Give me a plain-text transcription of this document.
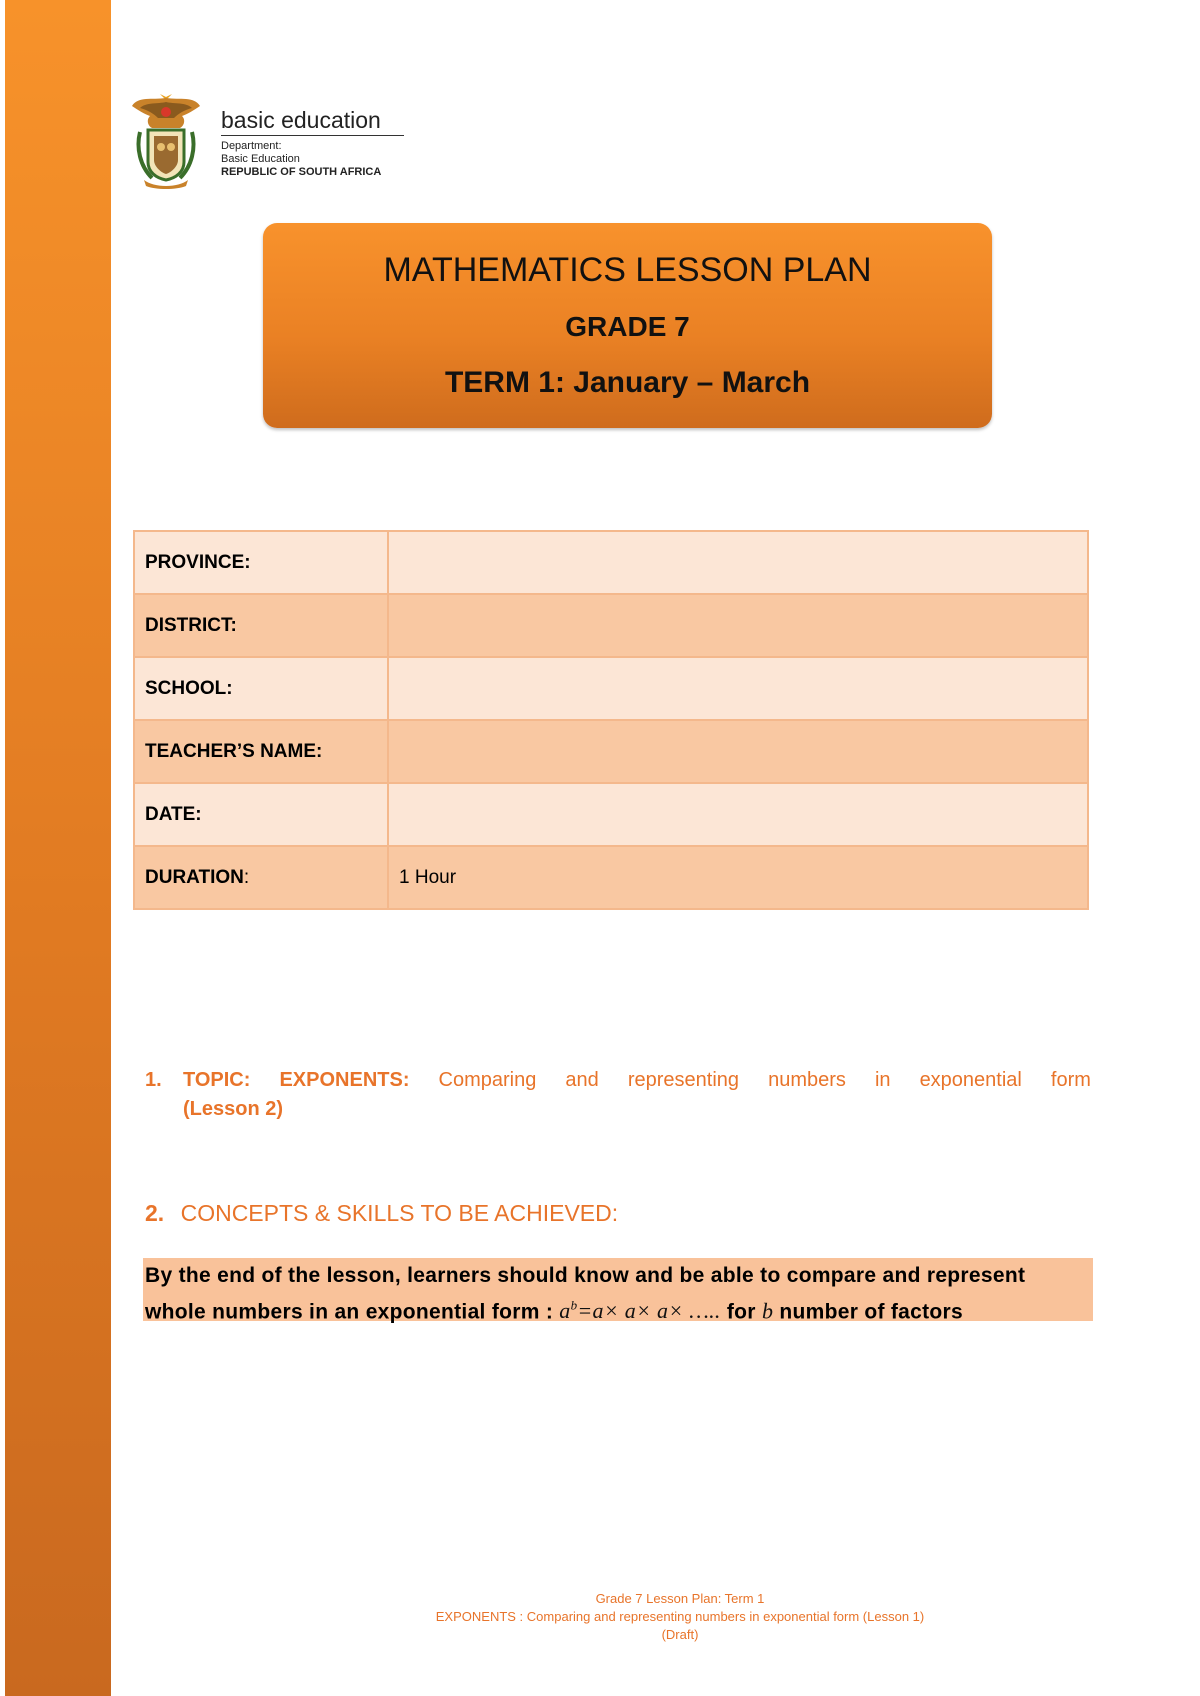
basic education
Department:
Basic Education
REPUBLIC OF SOUTH AFRICA
MATHEMATICS LESSON PLAN
GRADE 7
TERM 1: January – March
PROVINCE:	
DISTRICT:	
SCHOOL:	
TEACHER’S NAME:	
DATE:	
DURATION:	1 Hour
1. TOPIC: EXPONENTS: Comparing and representing numbers in exponential form
(Lesson 2)
2. CONCEPTS & SKILLS TO BE ACHIEVED:
By the end of the lesson, learners should know and be able to compare and represent
whole numbers in an exponential form : $a^b=a\times a\times a\times$ ….. for b number of factors
Grade 7 Lesson Plan: Term 1
EXPONENTS : Comparing and representing numbers in exponential form (Lesson 1)
(Draft)
